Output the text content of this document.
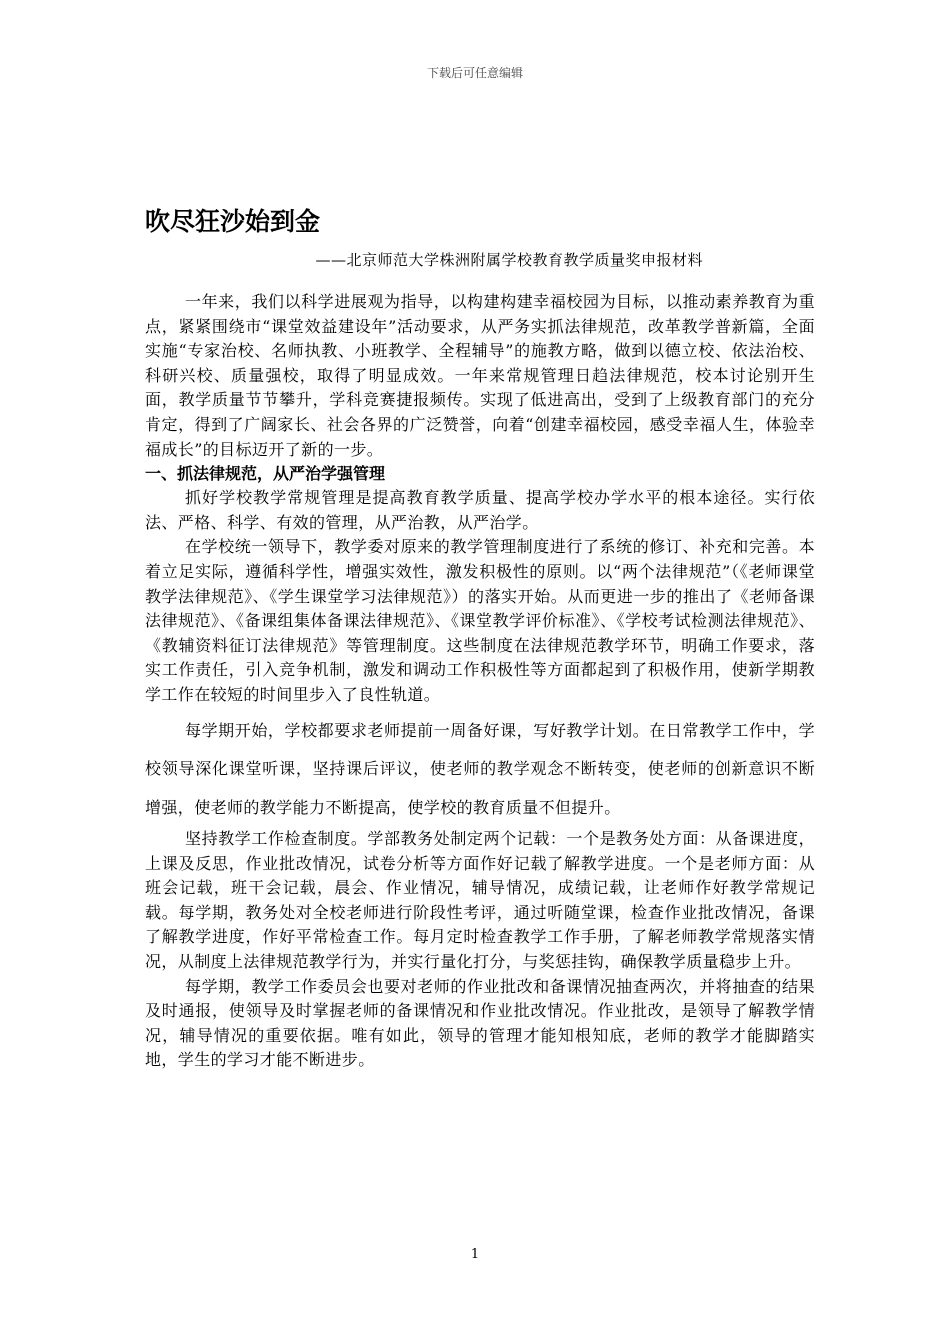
下载后可任意编辑
吹尽狂沙始到金
——北京师范大学株洲附属学校教育教学质量奖申报材料

一年来，我们以科学进展观为指导，以构建构建幸福校园为目标，以推动素养教育为重点，紧紧围绕市“课堂效益建设年”活动要求，从严务实抓法律规范，改革教学普新篇，全面实施“专家治校、名师执教、小班教学、全程辅导”的施教方略，做到以德立校、依法治校、科研兴校、质量强校，取得了明显成效。一年来常规管理日趋法律规范，校本讨论别开生面，教学质量节节攀升，学科竞赛捷报频传。实现了低进高出，受到了上级教育部门的充分肯定，得到了广阔家长、社会各界的广泛赞誉，向着“创建幸福校园，感受幸福人生，体验幸福成长”的目标迈开了新的一步。

一、抓法律规范，从严治学强管理

抓好学校教学常规管理是提高教育教学质量、提高学校办学水平的根本途径。实行依法、严格、科学、有效的管理，从严治教，从严治学。

在学校统一领导下，教学委对原来的教学管理制度进行了系统的修订、补充和完善。本着立足实际，遵循科学性，增强实效性，激发积极性的原则。以“两个法律规范”（《老师课堂教学法律规范》、《学生课堂学习法律规范》）的落实开始。从而更进一步的推出了《老师备课法律规范》、《备课组集体备课法律规范》、《课堂教学评价标准》、《学校考试检测法律规范》、《教辅资料征订法律规范》等管理制度。这些制度在法律规范教学环节，明确工作要求，落实工作责任，引入竞争机制，激发和调动工作积极性等方面都起到了积极作用，使新学期教学工作在较短的时间里步入了良性轨道。

每学期开始，学校都要求老师提前一周备好课，写好教学计划。在日常教学工作中，学校领导深化课堂听课，坚持课后评议，使老师的教学观念不断转变，使老师的创新意识不断增强，使老师的教学能力不断提高，使学校的教育质量不但提升。

坚持教学工作检查制度。学部教务处制定两个记载：一个是教务处方面：从备课进度，上课及反思，作业批改情况，试卷分析等方面作好记载了解教学进度。一个是老师方面：从班会记载，班干会记载，晨会、作业情况，辅导情况，成绩记载，让老师作好教学常规记载。每学期，教务处对全校老师进行阶段性考评，通过听随堂课，检查作业批改情况，备课了解教学进度，作好平常检查工作。每月定时检查教学工作手册，了解老师教学常规落实情况，从制度上法律规范教学行为，并实行量化打分，与奖惩挂钩，确保教学质量稳步上升。

每学期，教学工作委员会也要对老师的作业批改和备课情况抽查两次，并将抽查的结果及时通报，使领导及时掌握老师的备课情况和作业批改情况。作业批改，是领导了解教学情况，辅导情况的重要依据。唯有如此，领导的管理才能知根知底，老师的教学才能脚踏实地，学生的学习才能不断进步。

1
